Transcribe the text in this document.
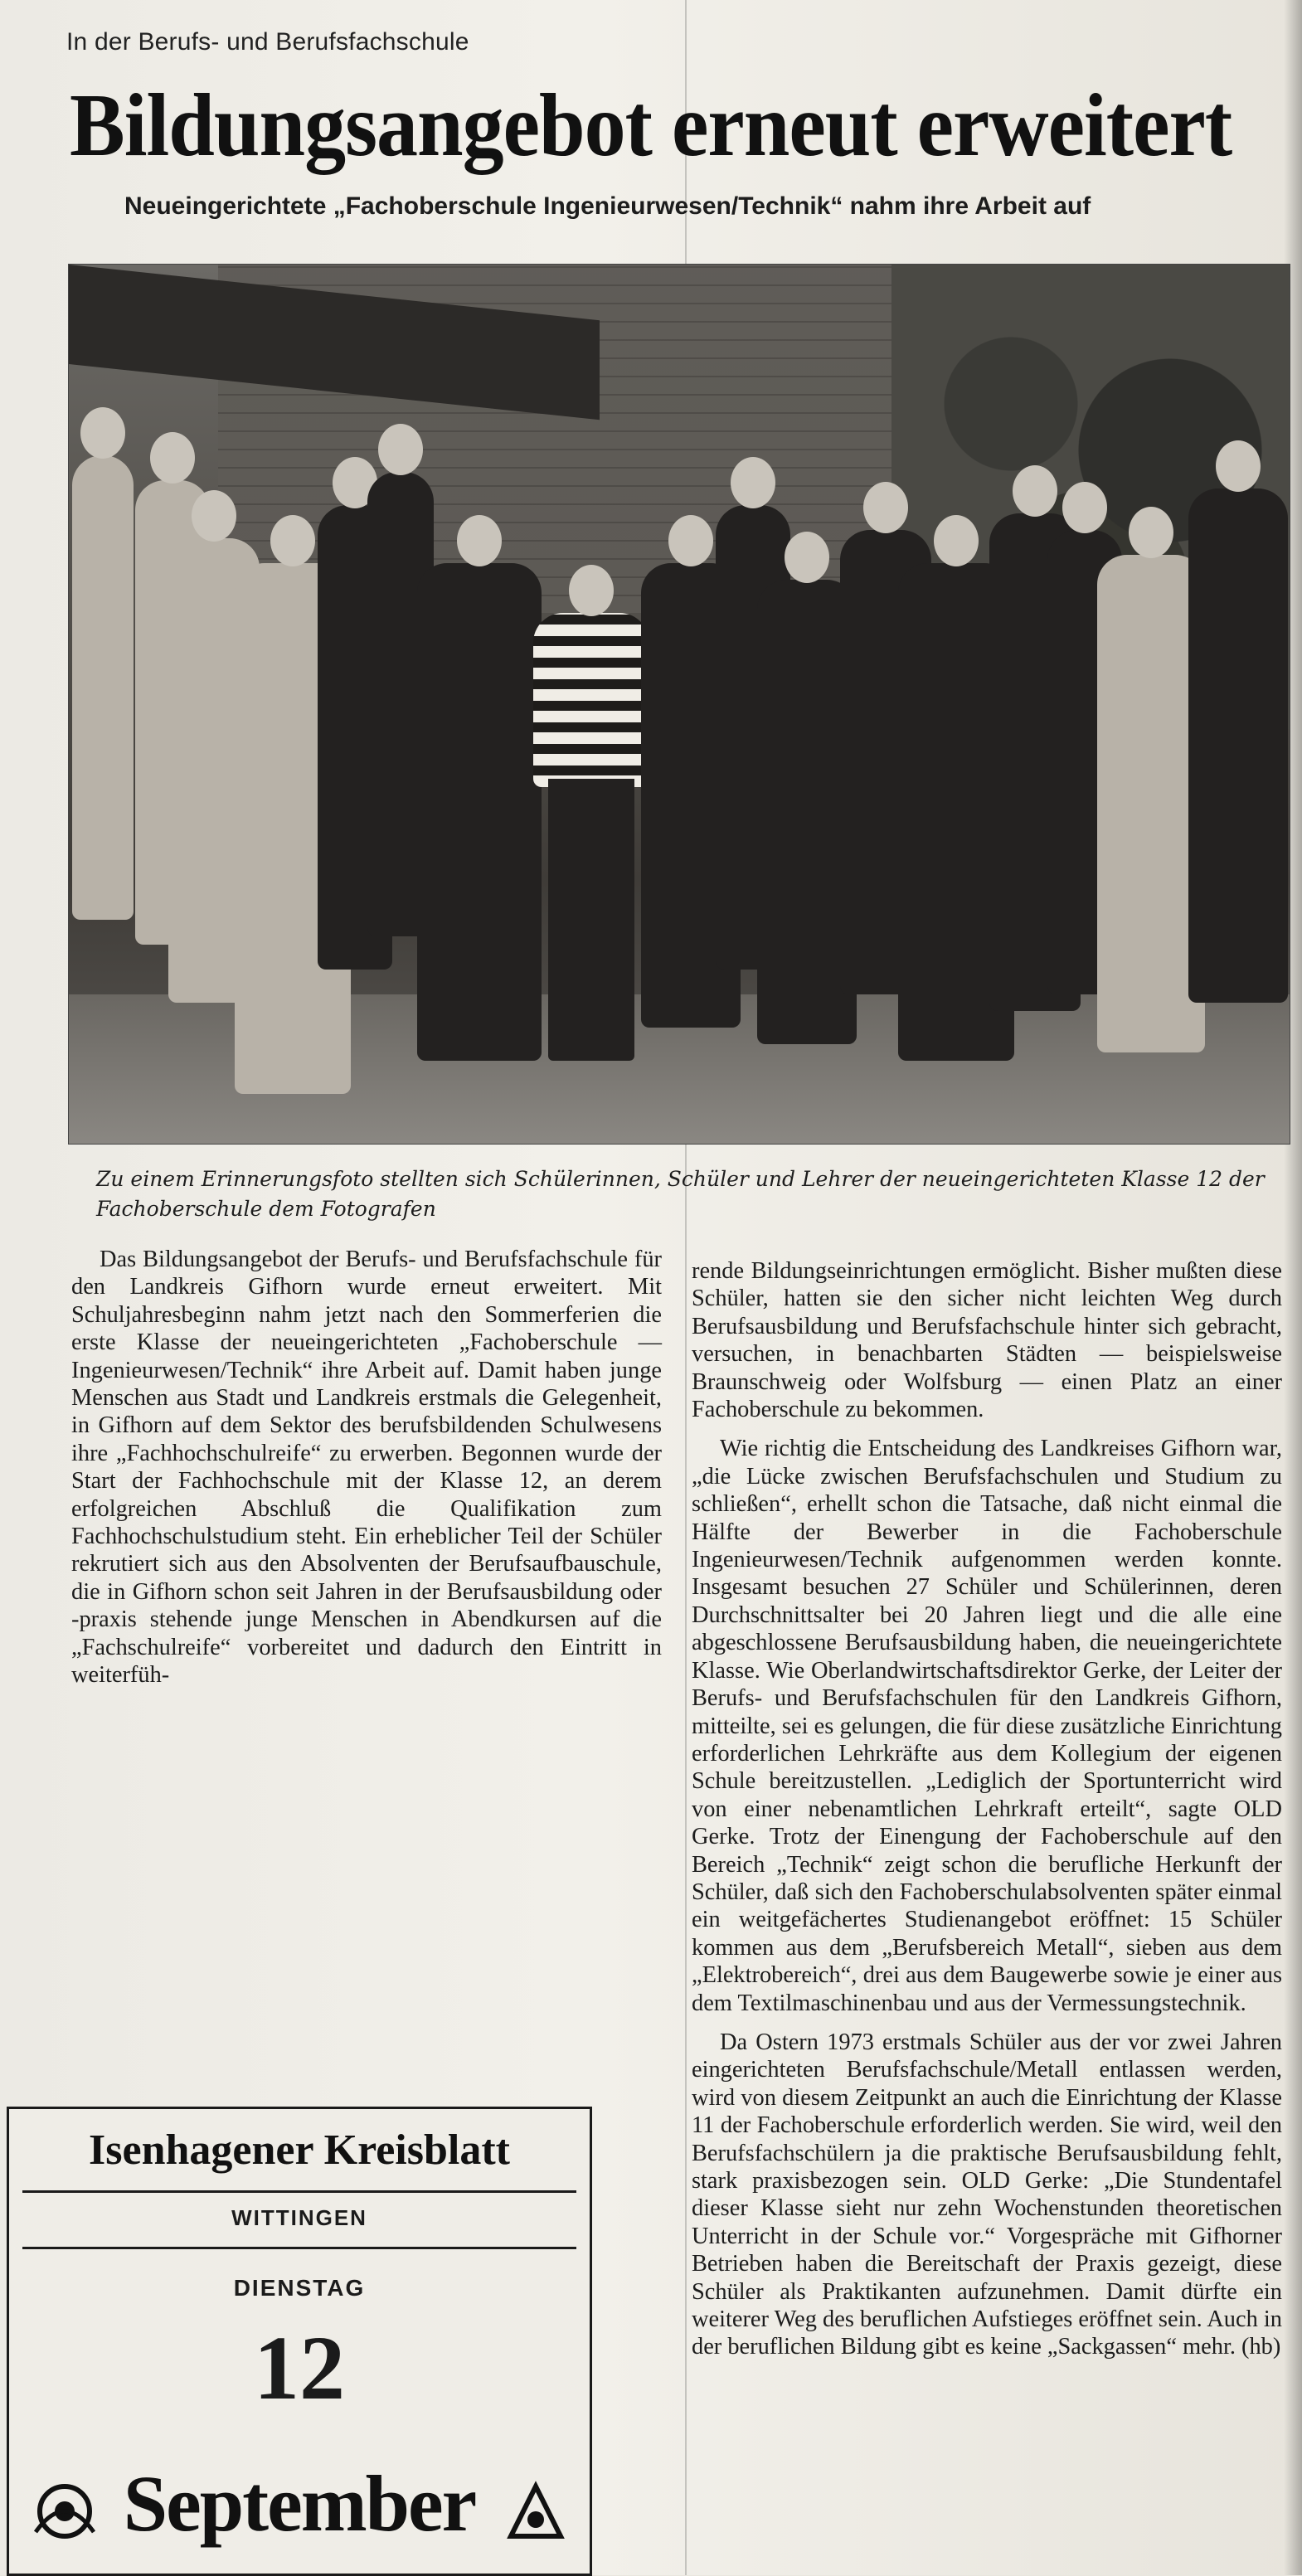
In der Berufs- und Berufsfachschule
Bildungsangebot erneut erweitert
Neueingerichtete „Fachoberschule Ingenieurwesen/Technik“ nahm ihre Arbeit auf
Zu einem Erinnerungsfoto stellten sich Schülerinnen, Schüler und Lehrer der neueingerichteten Klasse 12 der Fachoberschule dem Fotografen

Das Bildungsangebot der Berufs- und Berufsfachschule für den Landkreis Gifhorn wurde erneut erweitert. Mit Schuljahresbeginn nahm jetzt nach den Sommerferien die erste Klasse der neueingerichteten „Fachoberschule — Ingenieurwesen/Technik“ ihre Arbeit auf. Damit haben junge Menschen aus Stadt und Landkreis erstmals die Gelegenheit, in Gifhorn auf dem Sektor des berufsbildenden Schulwesens ihre „Fachhochschulreife“ zu erwerben. Begonnen wurde der Start der Fachhochschule mit der Klasse 12, an derem erfolgreichen Abschluß die Qualifikation zum Fachhochschulstudium steht. Ein erheblicher Teil der Schüler rekrutiert sich aus den Absolventen der Berufsaufbauschule, die in Gifhorn schon seit Jahren in der Berufsausbildung oder -praxis stehende junge Menschen in Abendkursen auf die „Fachschulreife“ vorbereitet und dadurch den Eintritt in weiterfüh-

rende Bildungseinrichtungen ermöglicht. Bisher mußten diese Schüler, hatten sie den sicher nicht leichten Weg durch Berufsausbildung und Berufsfachschule hinter sich gebracht, versuchen, in benachbarten Städten — beispielsweise Braunschweig oder Wolfsburg — einen Platz an einer Fachoberschule zu bekommen.

Wie richtig die Entscheidung des Landkreises Gifhorn war, „die Lücke zwischen Berufsfachschulen und Studium zu schließen“, erhellt schon die Tatsache, daß nicht einmal die Hälfte der Bewerber in die Fachoberschule Ingenieurwesen/Technik aufgenommen werden konnte. Insgesamt besuchen 27 Schüler und Schülerinnen, deren Durchschnittsalter bei 20 Jahren liegt und die alle eine abgeschlossene Berufsausbildung haben, die neueingerichtete Klasse. Wie Oberlandwirtschaftsdirektor Gerke, der Leiter der Berufs- und Berufsfachschulen für den Landkreis Gifhorn, mitteilte, sei es gelungen, die für diese zusätzliche Einrichtung erforderlichen Lehrkräfte aus dem Kollegium der eigenen Schule bereitzustellen. „Lediglich der Sportunterricht wird von einer nebenamtlichen Lehrkraft erteilt“, sagte OLD Gerke. Trotz der Einengung der Fachoberschule auf den Bereich „Technik“ zeigt schon die berufliche Herkunft der Schüler, daß sich den Fachoberschulabsolventen später einmal ein weitgefächertes Studienangebot eröffnet: 15 Schüler kommen aus dem „Berufsbereich Metall“, sieben aus dem „Elektrobereich“, drei aus dem Baugewerbe sowie je einer aus dem Textilmaschinenbau und aus der Vermessungstechnik.

Da Ostern 1973 erstmals Schüler aus der vor zwei Jahren eingerichteten Berufsfachschule/Metall entlassen werden, wird von diesem Zeitpunkt an auch die Einrichtung der Klasse 11 der Fachoberschule erforderlich werden. Sie wird, weil den Berufsfachschülern ja die praktische Berufsausbildung fehlt, stark praxisbezogen sein. OLD Gerke: „Die Stundentafel dieser Klasse sieht nur zehn Wochenstunden theoretischen Unterricht in der Schule vor.“ Vorgespräche mit Gifhorner Betrieben haben die Bereitschaft der Praxis gezeigt, diese Schüler als Praktikanten aufzunehmen. Damit dürfte ein weiterer Weg des beruflichen Aufstieges eröffnet sein. Auch in der beruflichen Bildung gibt es keine „Sackgassen“ mehr. (hb)

Isenhagener Kreisblatt
WITTINGEN
DIENSTAG
12
September
